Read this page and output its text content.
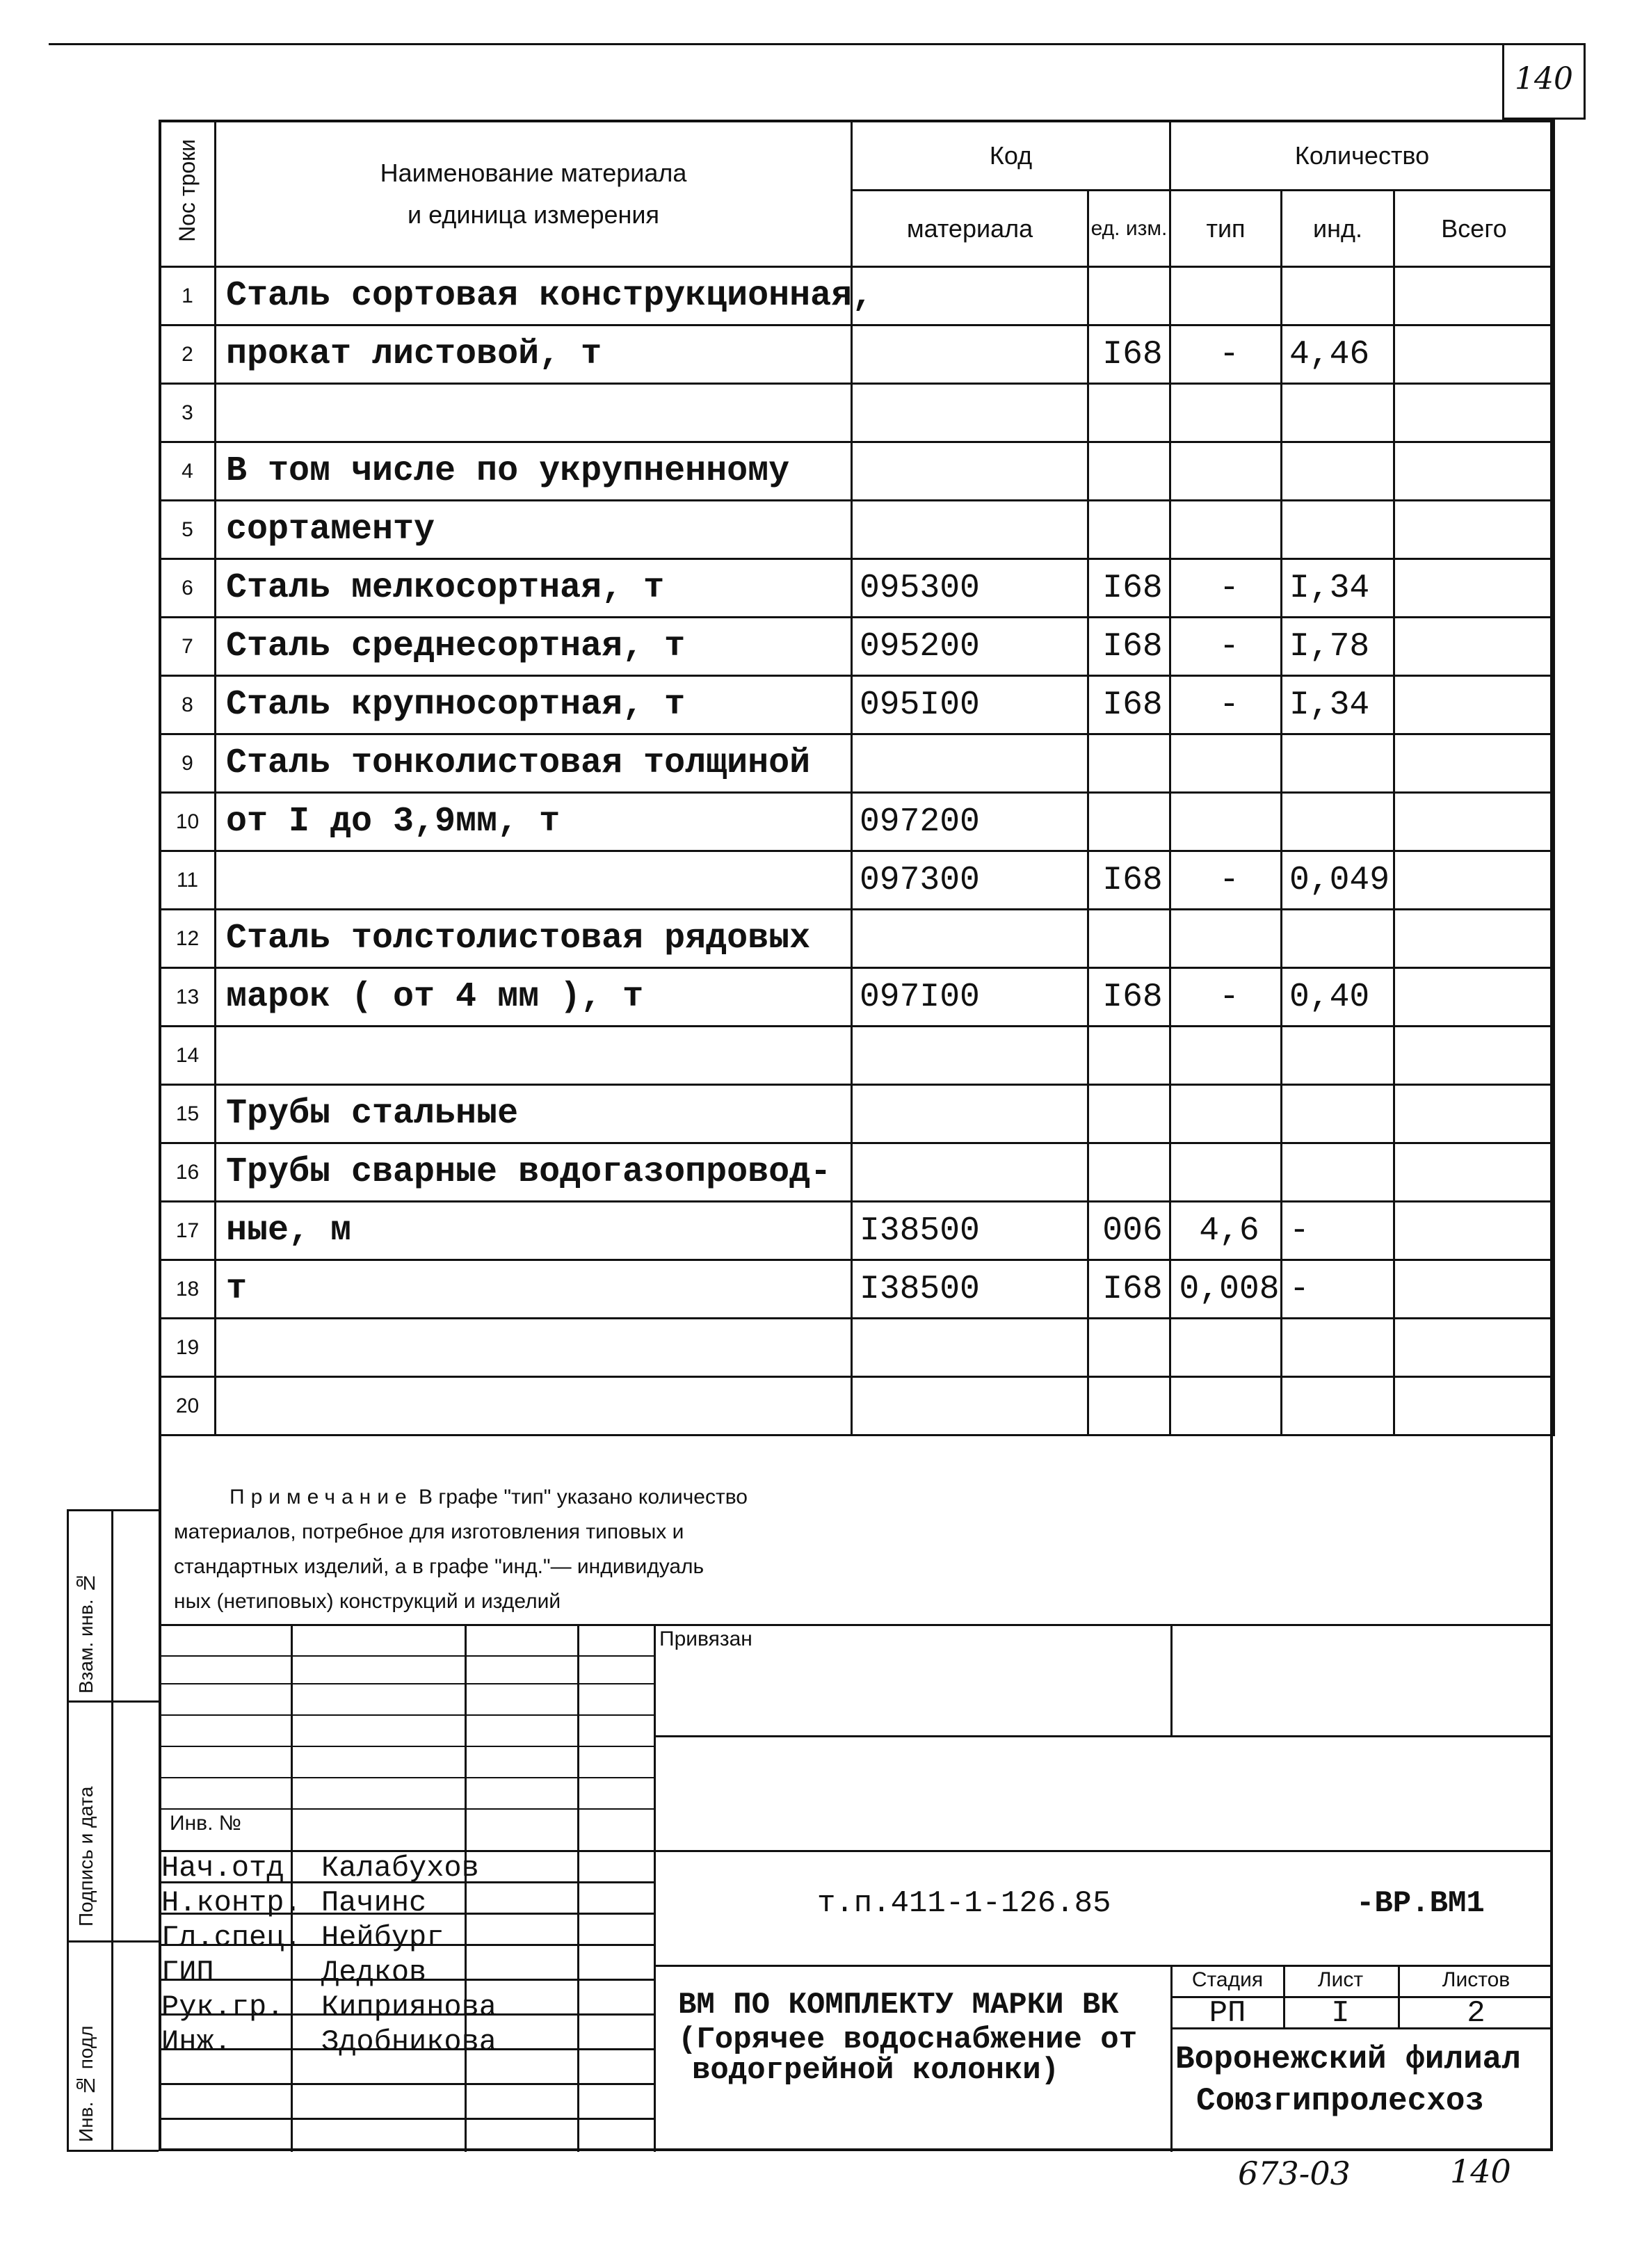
140
Nос троки	Наименование материала
и единица измерения	Код		Количество		
		материала	ед. изм.	тип	инд.	Всего
1	Сталь сортовая конструкционная,					
2	прокат листовой, т		I68	-	4,46	
3						
4	В том числе по укрупненному					
5	сортаменту					
6	Сталь мелкосортная, т	095300	I68	-	I,34	
7	Сталь среднесортная, т	095200	I68	-	I,78	
8	Сталь крупносортная, т	095I00	I68	-	I,34	
9	Сталь тонколистовая толщиной					
10	от I до 3,9мм, т	097200				
11		097300	I68	-	0,049	
12	Сталь толстолистовая рядовых					
13	марок ( от 4 мм ), т	097I00	I68	-	0,40	
14						
15	Трубы стальные					
16	Трубы сварные водогазопровод-					
17	ные, м	I38500	006	4,6	-	
18	т	I38500	I68	0,008	-	
19						
20						
Примечание В графе "тип" указано количество
материалов, потребное для изготовления типовых и
стандартных изделий, а в графе "инд."— индивидуаль
ных (нетиповых) конструкций и изделий
Взам. инв. №
Подпись и дата
Инв. № подл
Привязан
Инв. №
Нач.отд Калабухов
Н.контр. Пачинс
Гл.спец. Нейбург
ГИП	Дедков
Рук.гр. Киприянова
Инж.	Здобникова
т.п.411-1-126.85	-ВР.ВМ1
ВМ ПО КОМПЛЕКТУ МАРКИ ВК
(Горячее водоснабжение от
водогрейной колонки)
Стадия	Лист	Листов
РП	I	2
Воронежский филиал
Союзгипролесхоз
673-03	140
